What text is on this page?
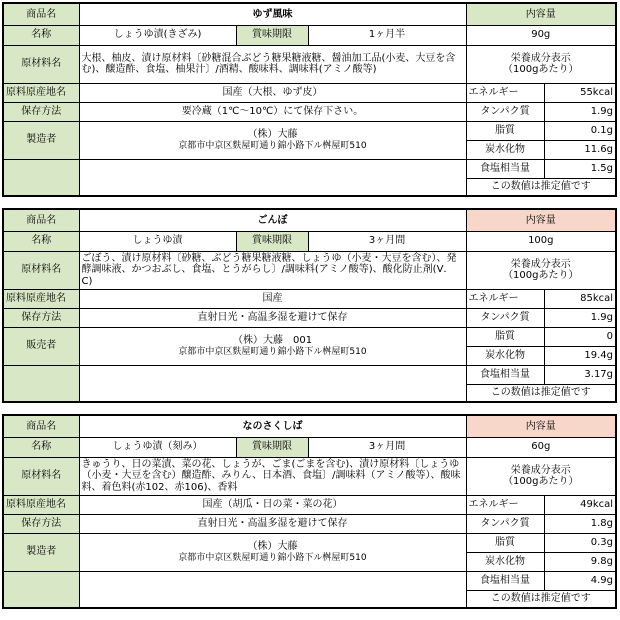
商品名	ゆず風味			内容量	
名称	しょうゆ漬(きざみ)	賞味期限	1ヶ月半	90g	
原材料名	大根、柚皮、漬け原材料〔砂糖混合ぶどう糖果糖液糖、醤油加工品(小麦、大豆を含む)、醸造酢、食塩、柚果汁〕/酒精、酸味料、調味料(アミノ酸等)			栄養成分表示
（100gあたり）	

原料原産地名	国産（大根、ゆず皮）			エネルギー	55kcal
保存方法	要冷蔵（1℃～10℃）にて保存下さい。			タンパク質	1.9g
製造者	（株）大藤
京都市中京区麩屋町通り錦小路下ル桝屋町510			脂質	0.1g
				炭水化物	11.6g
				食塩相当量	1.5g
				この数値は推定値です	
商品名	ごんぼ			内容量	
名称	しょうゆ漬	賞味期限	3ヶ月間	100g	
原材料名	ごぼう、漬け原材料〔砂糖、ぶどう糖果糖液糖、しょうゆ（小麦・大豆を含む）、発酵調味液、かつおぶし、食塩、とうがらし〕/調味料(アミノ酸等)、酸化防止剤(V．C)			栄養成分表示
（100gあたり）	

原料原産地名	国産			エネルギー	85kcal
保存方法	直射日光・高温多湿を避けて保存			タンパク質	1.9g
販売者	（株）大藤　001
京都市中京区麩屋町通り錦小路下ル桝屋町510			脂質	0
				炭水化物	19.4g
				食塩相当量	3.17g
				この数値は推定値です	
商品名	なのさくしば			内容量	
名称	しょうゆ漬（刻み）	賞味期限	3ヶ月間	60g	
原材料名	きゅうり、日の菜漬、菜の花、しょうが、ごま(ごまを含む)、漬け原材料〔しょうゆ（小麦・大豆を含む）醸造酢、みりん、日本酒、食塩〕/調味料（アミノ酸等）、酸味料、着色料(赤102、赤106)、香料			栄養成分表示
（100gあたり）	

原料原産地名	国産（胡瓜・日の菜・菜の花）			エネルギー	49kcal
保存方法	直射日光・高温多湿を避けて保存			タンパク質	1.8g
製造者	（株）大藤
京都市中京区麩屋町通り錦小路下ル桝屋町510			脂質	0.3g
				炭水化物	9.8g
				食塩相当量	4.9g
				この数値は推定値です	
